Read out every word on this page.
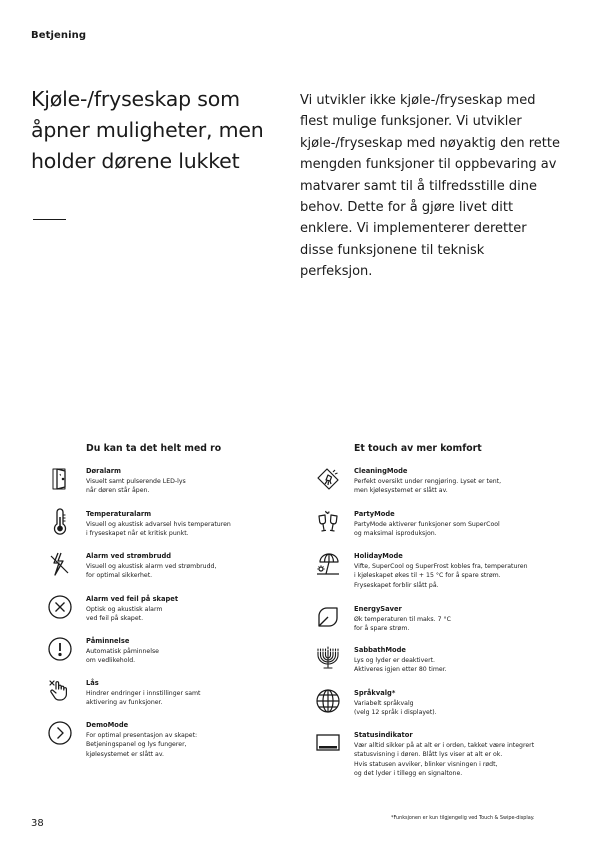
Betjening
Kjøle-/fryseskap som åpner muligheter, men holder dørene lukket

Vi utvikler ikke kjøle-/fryseskap med flest mulige funksjoner. Vi utvikler kjøle-/fryseskap med nøyaktig den rette mengden funksjoner til oppbevaring av matvarer samt til å tilfredsstille dine behov. Dette for å gjøre livet ditt enklere. Vi implementerer deretter disse funksjonene til teknisk perfeksjon.

Du kan ta det helt med ro	Et touch av mer komfort
Døralarm
Visuelt samt pulserende LED-lys
når døren står åpen.
Temperaturalarm
Visuell og akustisk advarsel hvis temperaturen
i fryseskapet når et kritisk punkt.
Alarm ved strømbrudd
Visuell og akustisk alarm ved strømbrudd,
for optimal sikkerhet.
Alarm ved feil på skapet
Optisk og akustisk alarm
ved feil på skapet.
Påminnelse
Automatisk påminnelse
om vedlikehold.
Lås
Hindrer endringer i innstillinger samt
aktivering av funksjoner.
DemoMode
For optimal presentasjon av skapet:
Betjeningspanel og lys fungerer,
kjølesystemet er slått av.
CleaningMode
Perfekt oversikt under rengjøring. Lyset er tent,
men kjølesystemet er slått av.
PartyMode
PartyMode aktiverer funksjoner som SuperCool
og maksimal isproduksjon.
HolidayMode
Vifte, SuperCool og SuperFrost kobles fra, temperaturen
i kjøleskapet økes til + 15 °C for å spare strøm.
Fryseskapet forblir slått på.
EnergySaver
Øk temperaturen til maks. 7 °C
for å spare strøm.
SabbathMode
Lys og lyder er deaktivert.
Aktiveres igjen etter 80 timer.
Språkvalg*
Variabelt språkvalg
(velg 12 språk i displayet).
Statusindikator
Vær alltid sikker på at alt er i orden, takket være integrert
statusvisning i døren. Blått lys viser at alt er ok.
Hvis statusen avviker, blinker visningen i rødt,
og det lyder i tillegg en signaltone.
38	*Funksjonen er kun tilgjengelig ved Touch & Swipe-display.
